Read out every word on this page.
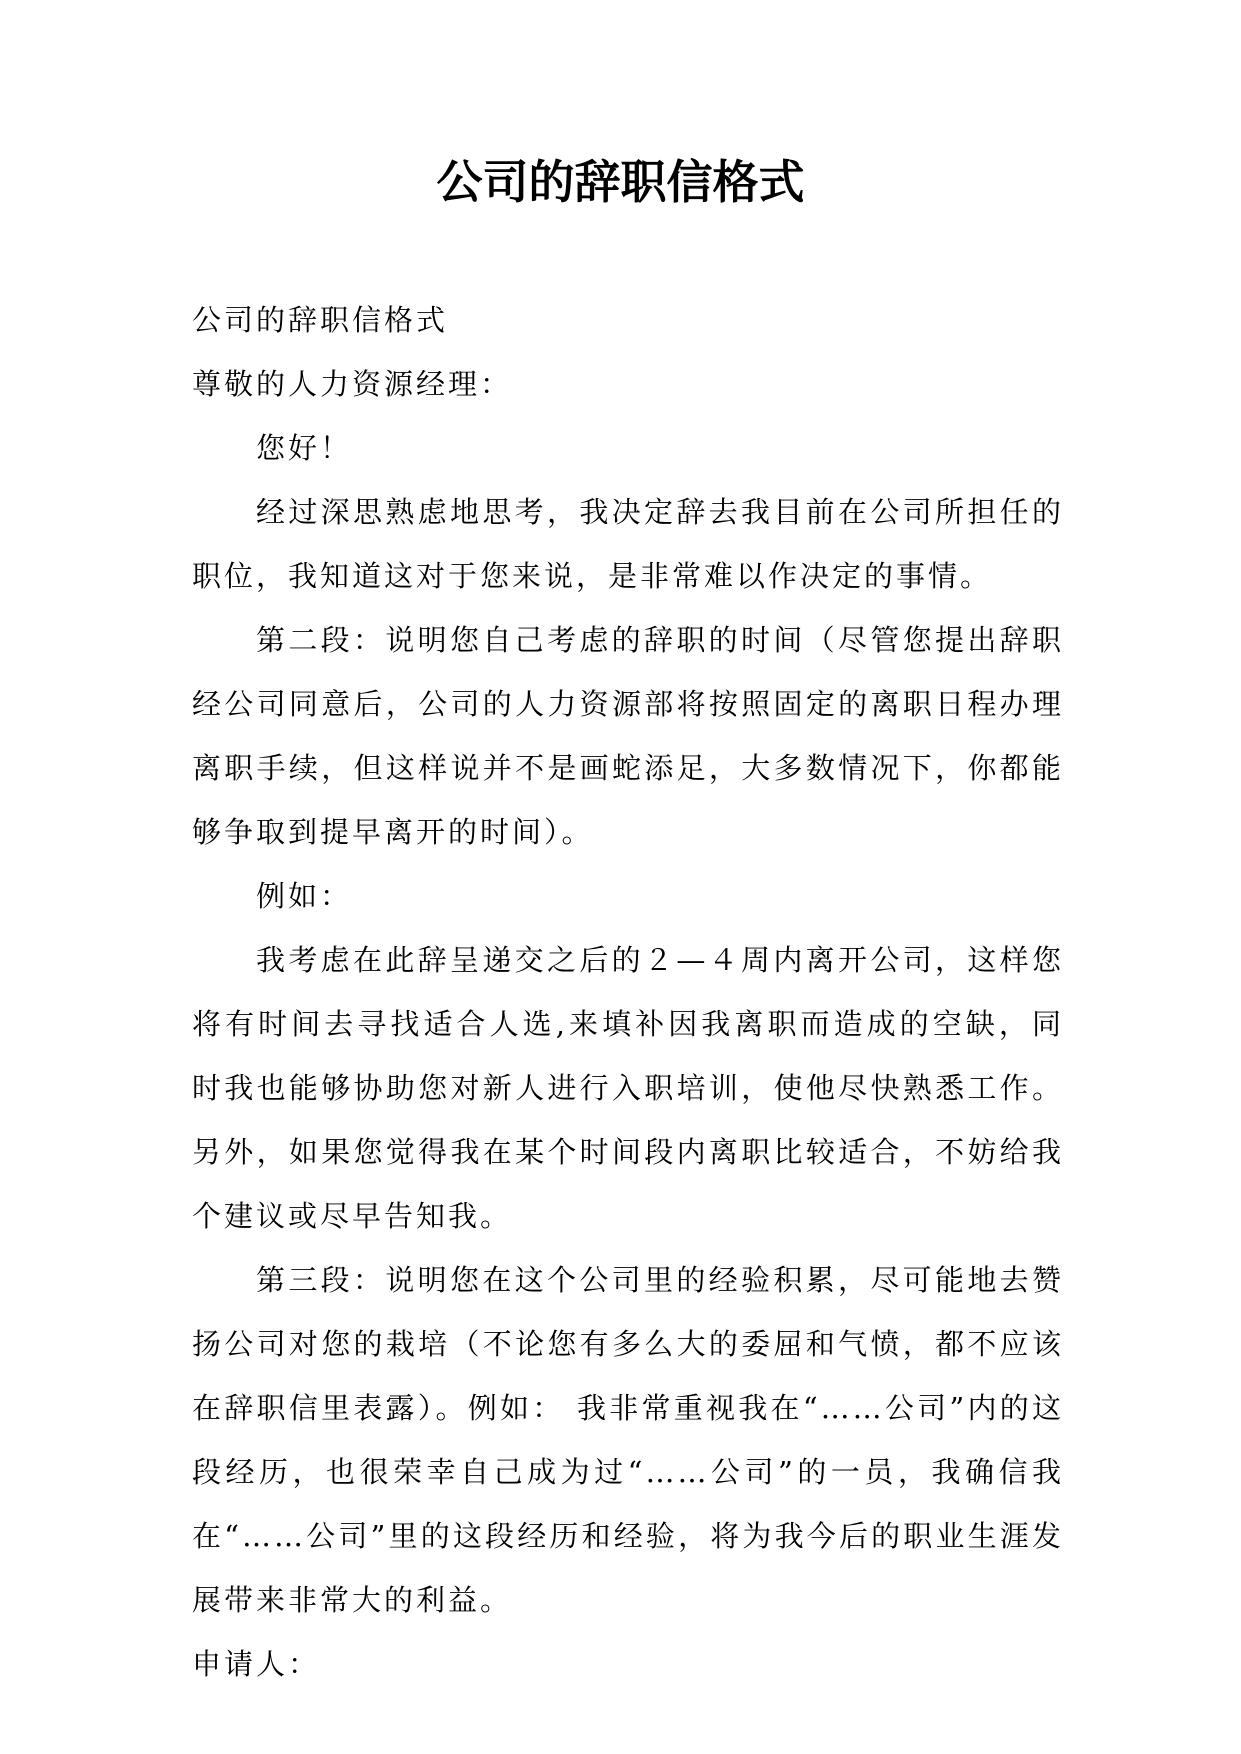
公司的辞职信格式

公司的辞职信格式

尊敬的人力资源经理：

您好！

经过深思熟虑地思考，我决定辞去我目前在公司所担任的职位，我知道这对于您来说，是非常难以作决定的事情。

第二段：说明您自己考虑的辞职的时间（尽管您提出辞职经公司同意后，公司的人力资源部将按照固定的离职日程办理离职手续，但这样说并不是画蛇添足，大多数情况下，你都能够争取到提早离开的时间）。

例如：

我考虑在此辞呈递交之后的２—４周内离开公司，这样您将有时间去寻找适合人选,来填补因我离职而造成的空缺，同时我也能够协助您对新人进行入职培训，使他尽快熟悉工作。另外，如果您觉得我在某个时间段内离职比较适合，不妨给我个建议或尽早告知我。

第三段：说明您在这个公司里的经验积累，尽可能地去赞扬公司对您的栽培（不论您有多么大的委屈和气愤，都不应该在辞职信里表露）。例如： 我非常重视我在“……公司”内的这段经历，也很荣幸自己成为过“……公司”的一员，我确信我在“……公司”里的这段经历和经验，将为我今后的职业生涯发展带来非常大的利益。

申请人：
